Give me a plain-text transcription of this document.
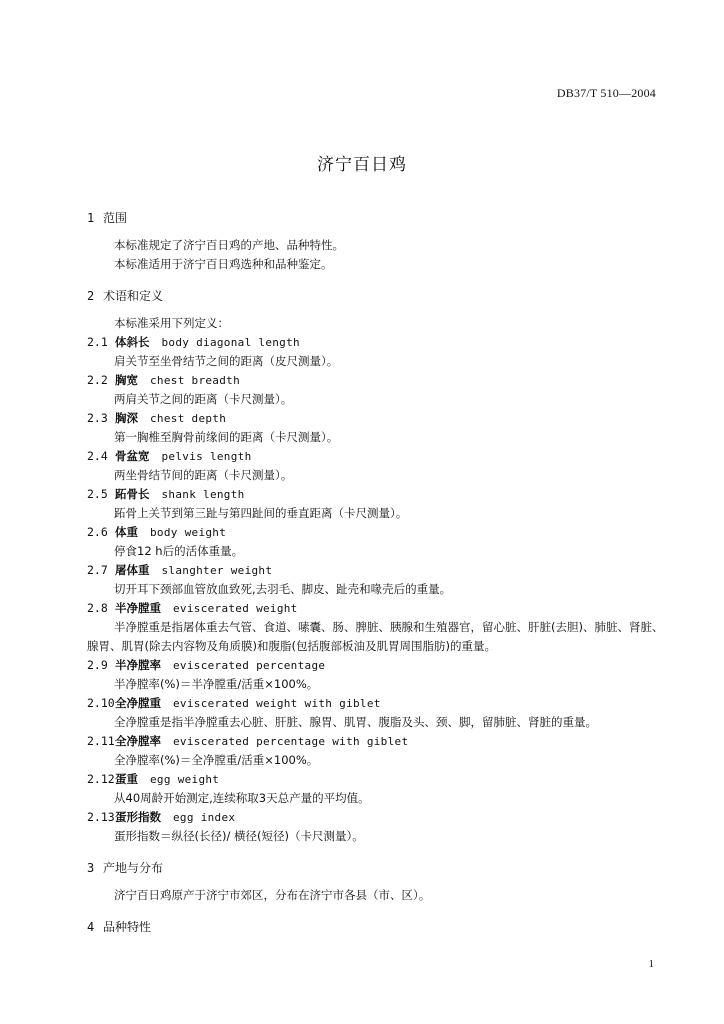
DB37/T 510—2004
济宁百日鸡

1 范围

本标准规定了济宁百日鸡的产地、品种特性。

本标准适用于济宁百日鸡选种和品种鉴定。

2 术语和定义

本标准采用下列定义：

2.1 体斜长 body diagonal length

肩关节至坐骨结节之间的距离（皮尺测量）。

2.2 胸宽 chest breadth

两肩关节之间的距离（卡尺测量）。

2.3 胸深 chest depth

第一胸椎至胸骨前缘间的距离（卡尺测量）。

2.4 骨盆宽 pelvis length

两坐骨结节间的距离（卡尺测量）。

2.5 跖骨长 shank length

跖骨上关节到第三趾与第四趾间的垂直距离（卡尺测量）。

2.6 体重 body weight

停食12 h后的活体重量。

2.7 屠体重 slanghter weight

切开耳下颈部血管放血致死,去羽毛、脚皮、趾壳和喙壳后的重量。

2.8 半净膛重 eviscerated weight

半净膛重是指屠体重去气管、食道、嗉囊、肠、脾脏、胰腺和生殖器官，留心脏、肝脏(去胆)、肺脏、肾脏、腺胃、肌胃(除去内容物及角质膜)和腹脂(包括腹部板油及肌胃周围脂肪)的重量。

2.9 半净膛率 eviscerated percentage

半净膛率(%)＝半净膛重/活重×100%。

2.10全净膛重 eviscerated weight with giblet

全净膛重是指半净膛重去心脏、肝脏、腺胃、肌胃、腹脂及头、颈、脚，留肺脏、肾脏的重量。

2.11全净膛率 eviscerated percentage with giblet

全净膛率(%)＝全净膛重/活重×100%。

2.12蛋重 egg weight

从40周龄开始测定,连续称取3天总产量的平均值。

2.13蛋形指数 egg index

蛋形指数＝纵径(长径)/ 横径(短径)（卡尺测量）。

3 产地与分布

济宁百日鸡原产于济宁市郊区，分布在济宁市各县（市、区）。

4 品种特性

1
